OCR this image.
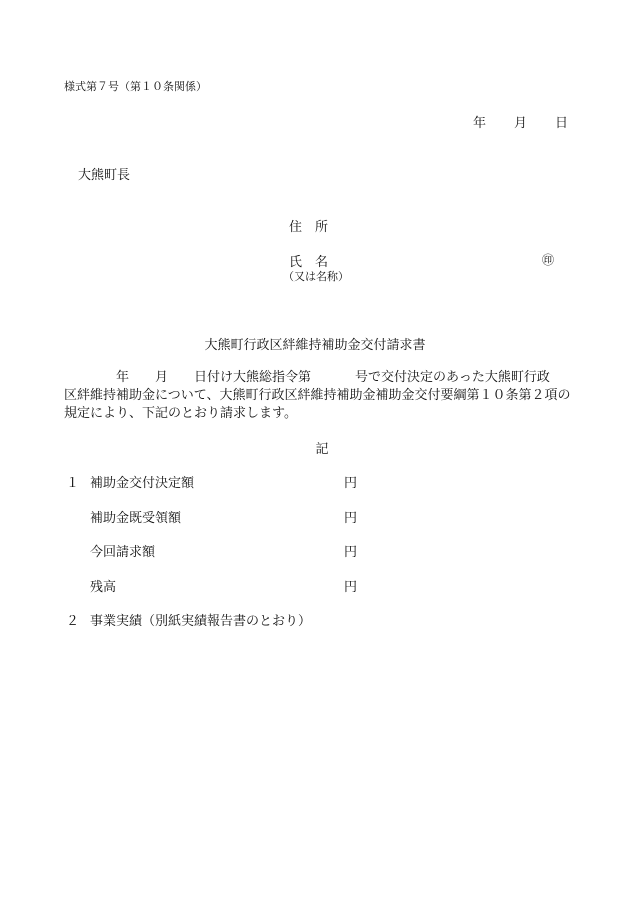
様式第７号（第１０条関係）
年 月 日
大熊町長
住　所
氏　名	㊞
（又は名称）
大熊町行政区絆維持補助金交付請求書
年 月 日付け大熊総指令第	号で交付決定のあった大熊町行政
区絆維持補助金について、大熊町行政区絆維持補助金補助金交付要綱第１０条第２項の
規定により、下記のとおり請求します。
記
１ 補助金交付決定額	円
補助金既受領額	円
今回請求額	円
残高	円
２ 事業実績（別紙実績報告書のとおり）
